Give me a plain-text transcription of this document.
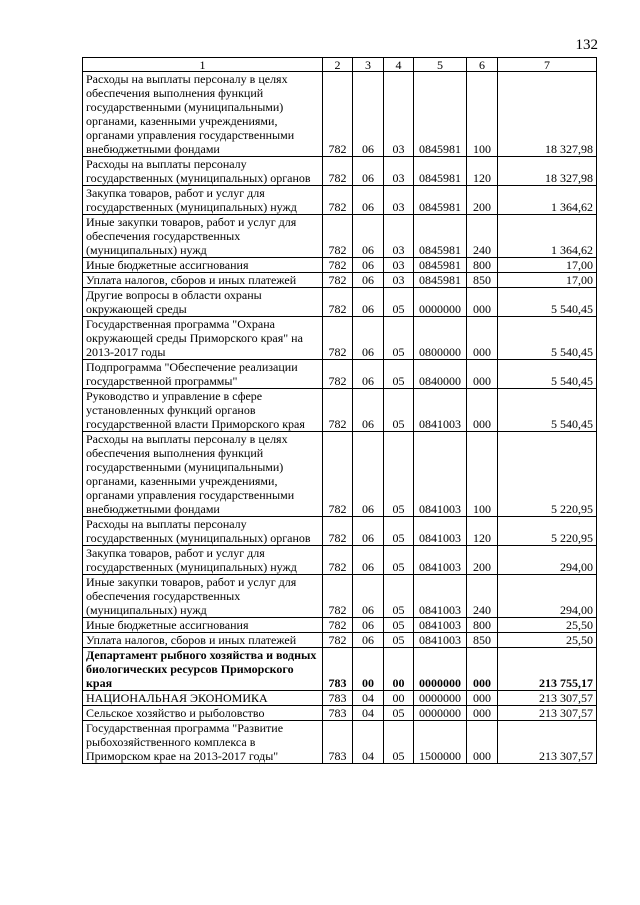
132
1	2	3	4	5	6	7
Расходы на выплаты персоналу в целях обеспечения выполнения функций государственными (муниципальными) органами, казенными учреждениями, органами управления государственными внебюджетными фондами	782	06	03	0845981	100	18 327,98
Расходы на выплаты персоналу государственных (муниципальных) органов	782	06	03	0845981	120	18 327,98
Закупка товаров, работ и услуг для государственных (муниципальных) нужд	782	06	03	0845981	200	1 364,62
Иные закупки товаров, работ и услуг для обеспечения государственных (муниципальных) нужд	782	06	03	0845981	240	1 364,62
Иные бюджетные ассигнования	782	06	03	0845981	800	17,00
Уплата налогов, сборов и иных платежей	782	06	03	0845981	850	17,00
Другие вопросы в области охраны окружающей среды	782	06	05	0000000	000	5 540,45
Государственная программа "Охрана окружающей среды Приморского края" на 2013-2017 годы	782	06	05	0800000	000	5 540,45
Подпрограмма "Обеспечение реализации государственной программы"	782	06	05	0840000	000	5 540,45
Руководство и управление в сфере установленных функций органов государственной власти Приморского края	782	06	05	0841003	000	5 540,45
Расходы на выплаты персоналу в целях обеспечения выполнения функций государственными (муниципальными) органами, казенными учреждениями, органами управления государственными внебюджетными фондами	782	06	05	0841003	100	5 220,95
Расходы на выплаты персоналу государственных (муниципальных) органов	782	06	05	0841003	120	5 220,95
Закупка товаров, работ и услуг для государственных (муниципальных) нужд	782	06	05	0841003	200	294,00
Иные закупки товаров, работ и услуг для обеспечения государственных (муниципальных) нужд	782	06	05	0841003	240	294,00
Иные бюджетные ассигнования	782	06	05	0841003	800	25,50
Уплата налогов, сборов и иных платежей	782	06	05	0841003	850	25,50
Департамент рыбного хозяйства и водных биологических ресурсов Приморского края	783	00	00	0000000	000	213 755,17
НАЦИОНАЛЬНАЯ ЭКОНОМИКА	783	04	00	0000000	000	213 307,57
Сельское хозяйство и рыболовство	783	04	05	0000000	000	213 307,57
Государственная программа "Развитие рыбохозяйственного комплекса в Приморском крае на 2013-2017 годы"	783	04	05	1500000	000	213 307,57
